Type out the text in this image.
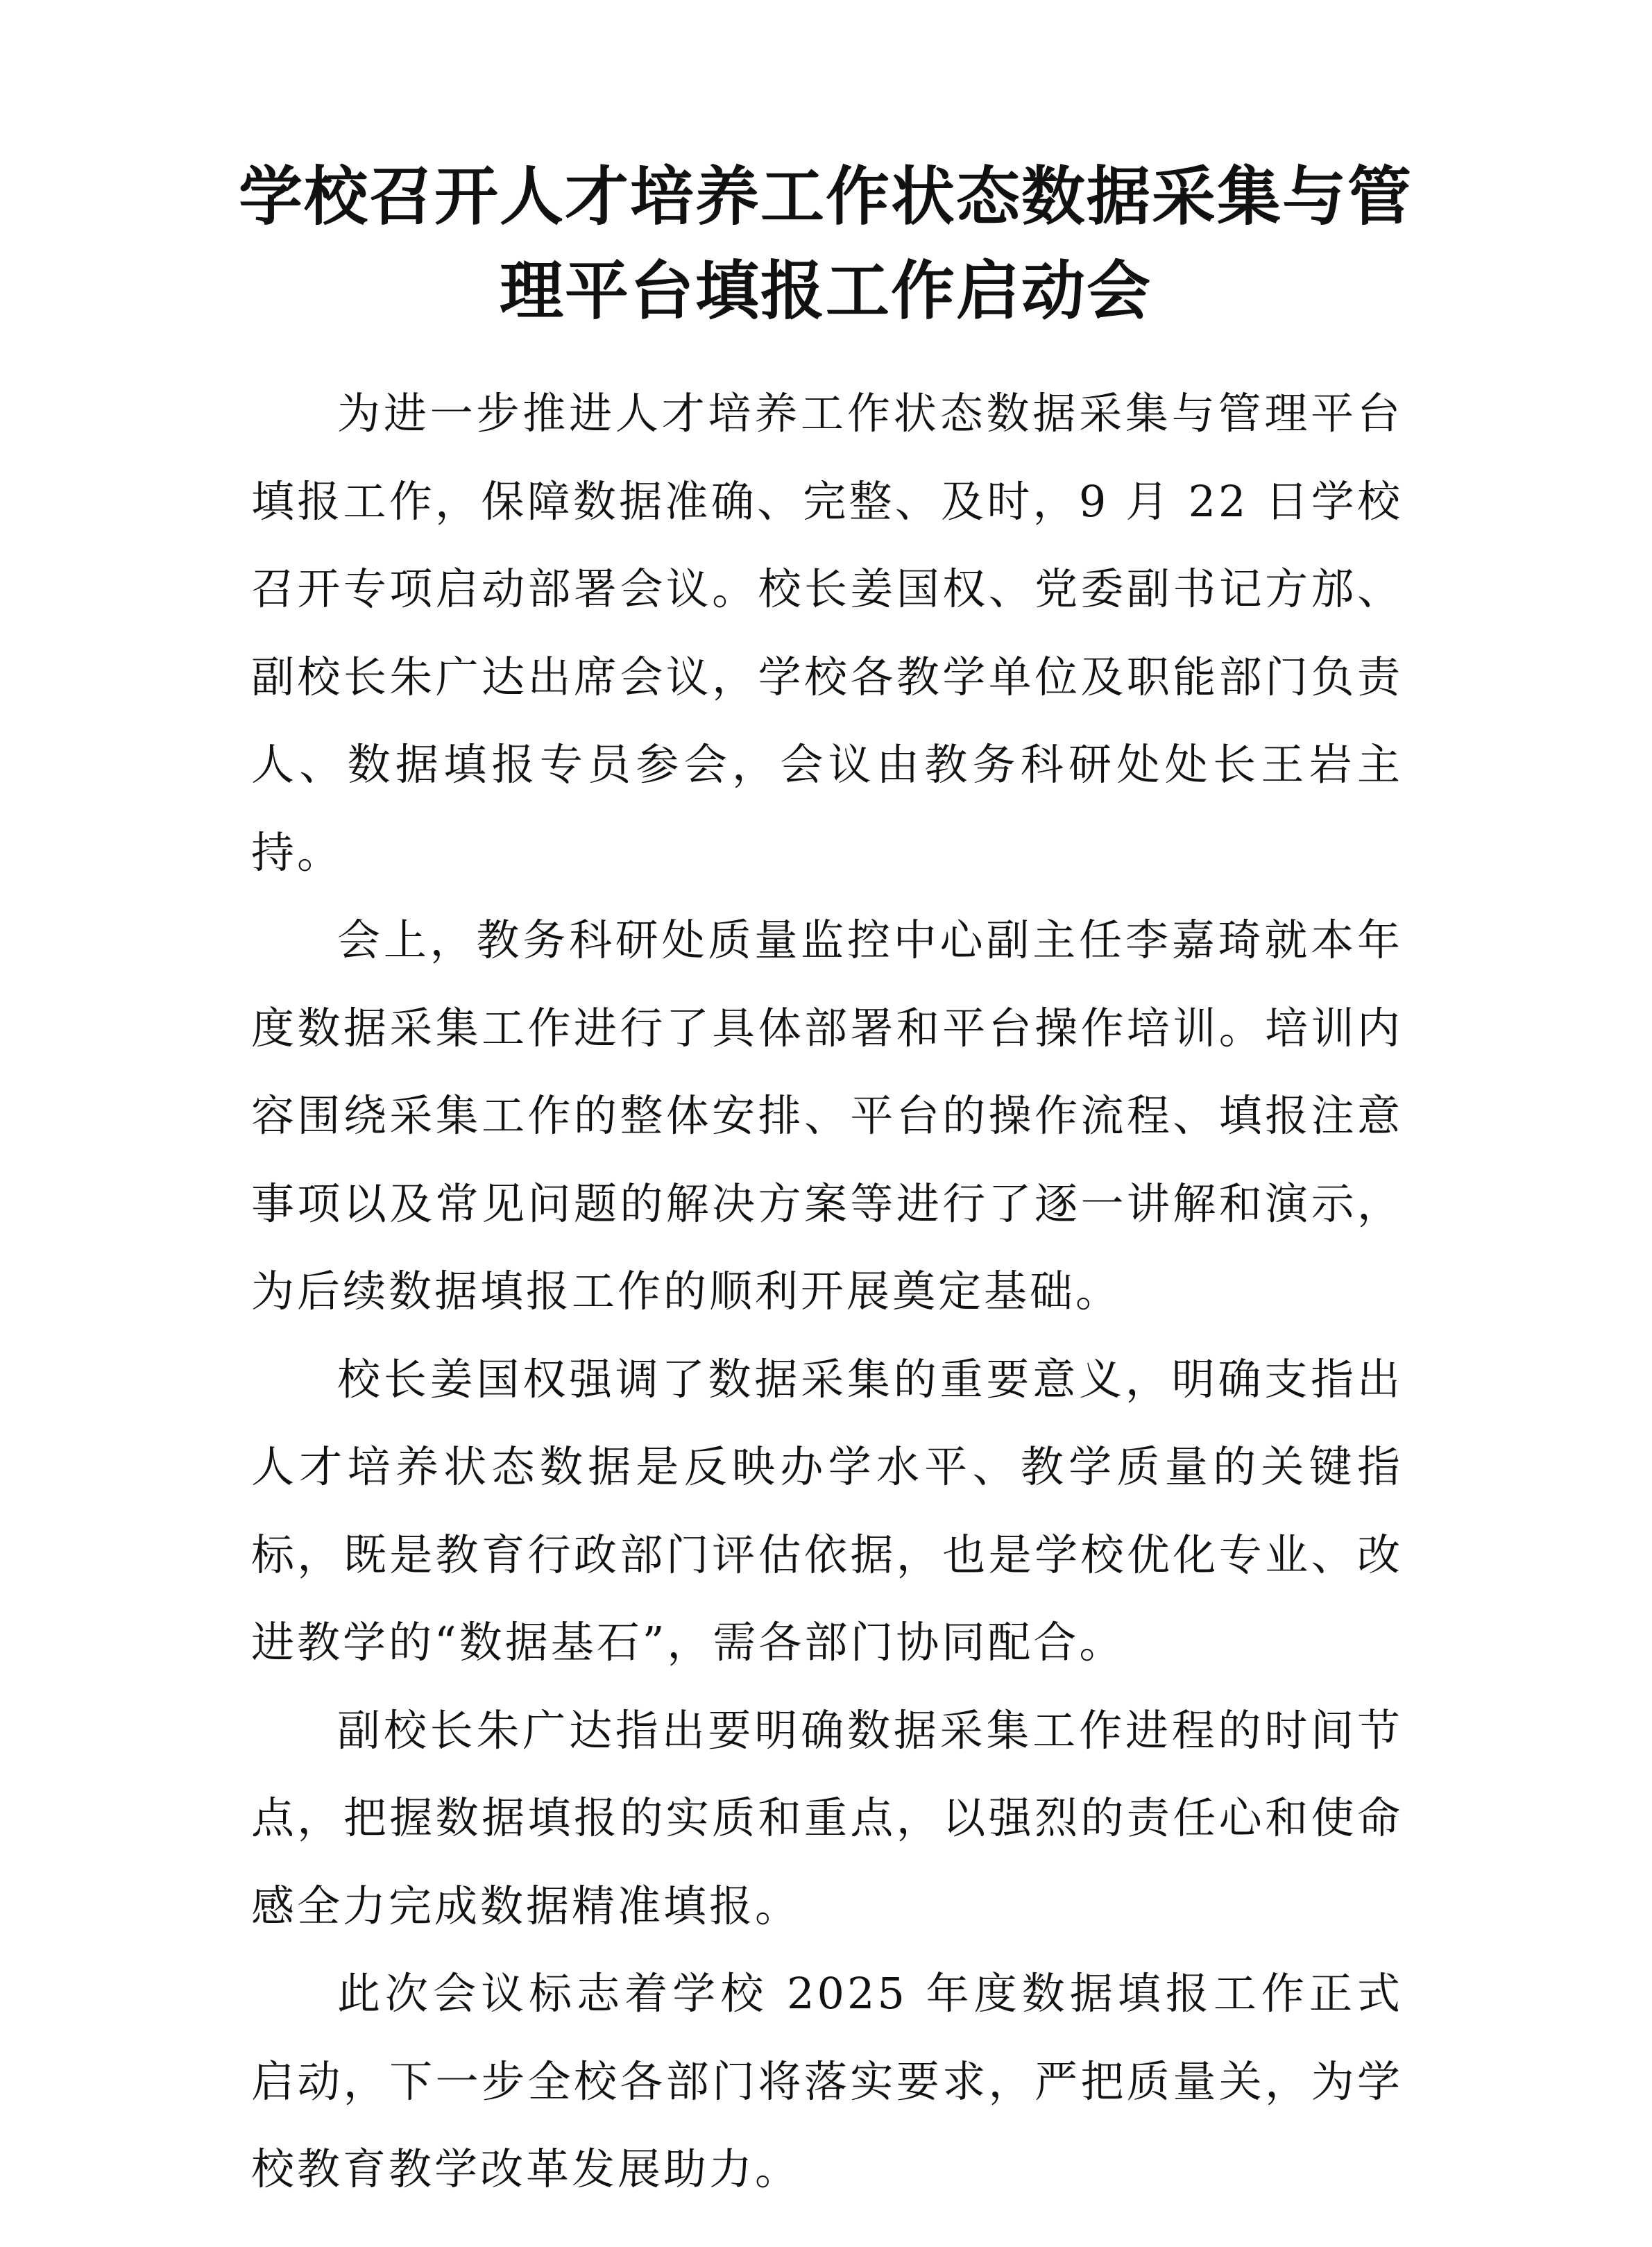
学校召开人才培养工作状态数据采集与管
理平台填报工作启动会

为进一步推进人才培养工作状态数据采集与管理平台填报工作，保障数据准确、完整、及时，9 月 22 日学校召开专项启动部署会议。校长姜国权、党委副书记方邡、副校长朱广达出席会议，学校各教学单位及职能部门负责人、数据填报专员参会，会议由教务科研处处长王岩主持。

会上，教务科研处质量监控中心副主任李嘉琦就本年度数据采集工作进行了具体部署和平台操作培训。培训内容围绕采集工作的整体安排、平台的操作流程、填报注意事项以及常见问题的解决方案等进行了逐一讲解和演示，为后续数据填报工作的顺利开展奠定基础。

校长姜国权强调了数据采集的重要意义，明确支指出人才培养状态数据是反映办学水平、教学质量的关键指标，既是教育行政部门评估依据，也是学校优化专业、改进教学的“数据基石”，需各部门协同配合。

副校长朱广达指出要明确数据采集工作进程的时间节点，把握数据填报的实质和重点，以强烈的责任心和使命感全力完成数据精准填报。

此次会议标志着学校 2025 年度数据填报工作正式启动，下一步全校各部门将落实要求，严把质量关，为学校教育教学改革发展助力。
